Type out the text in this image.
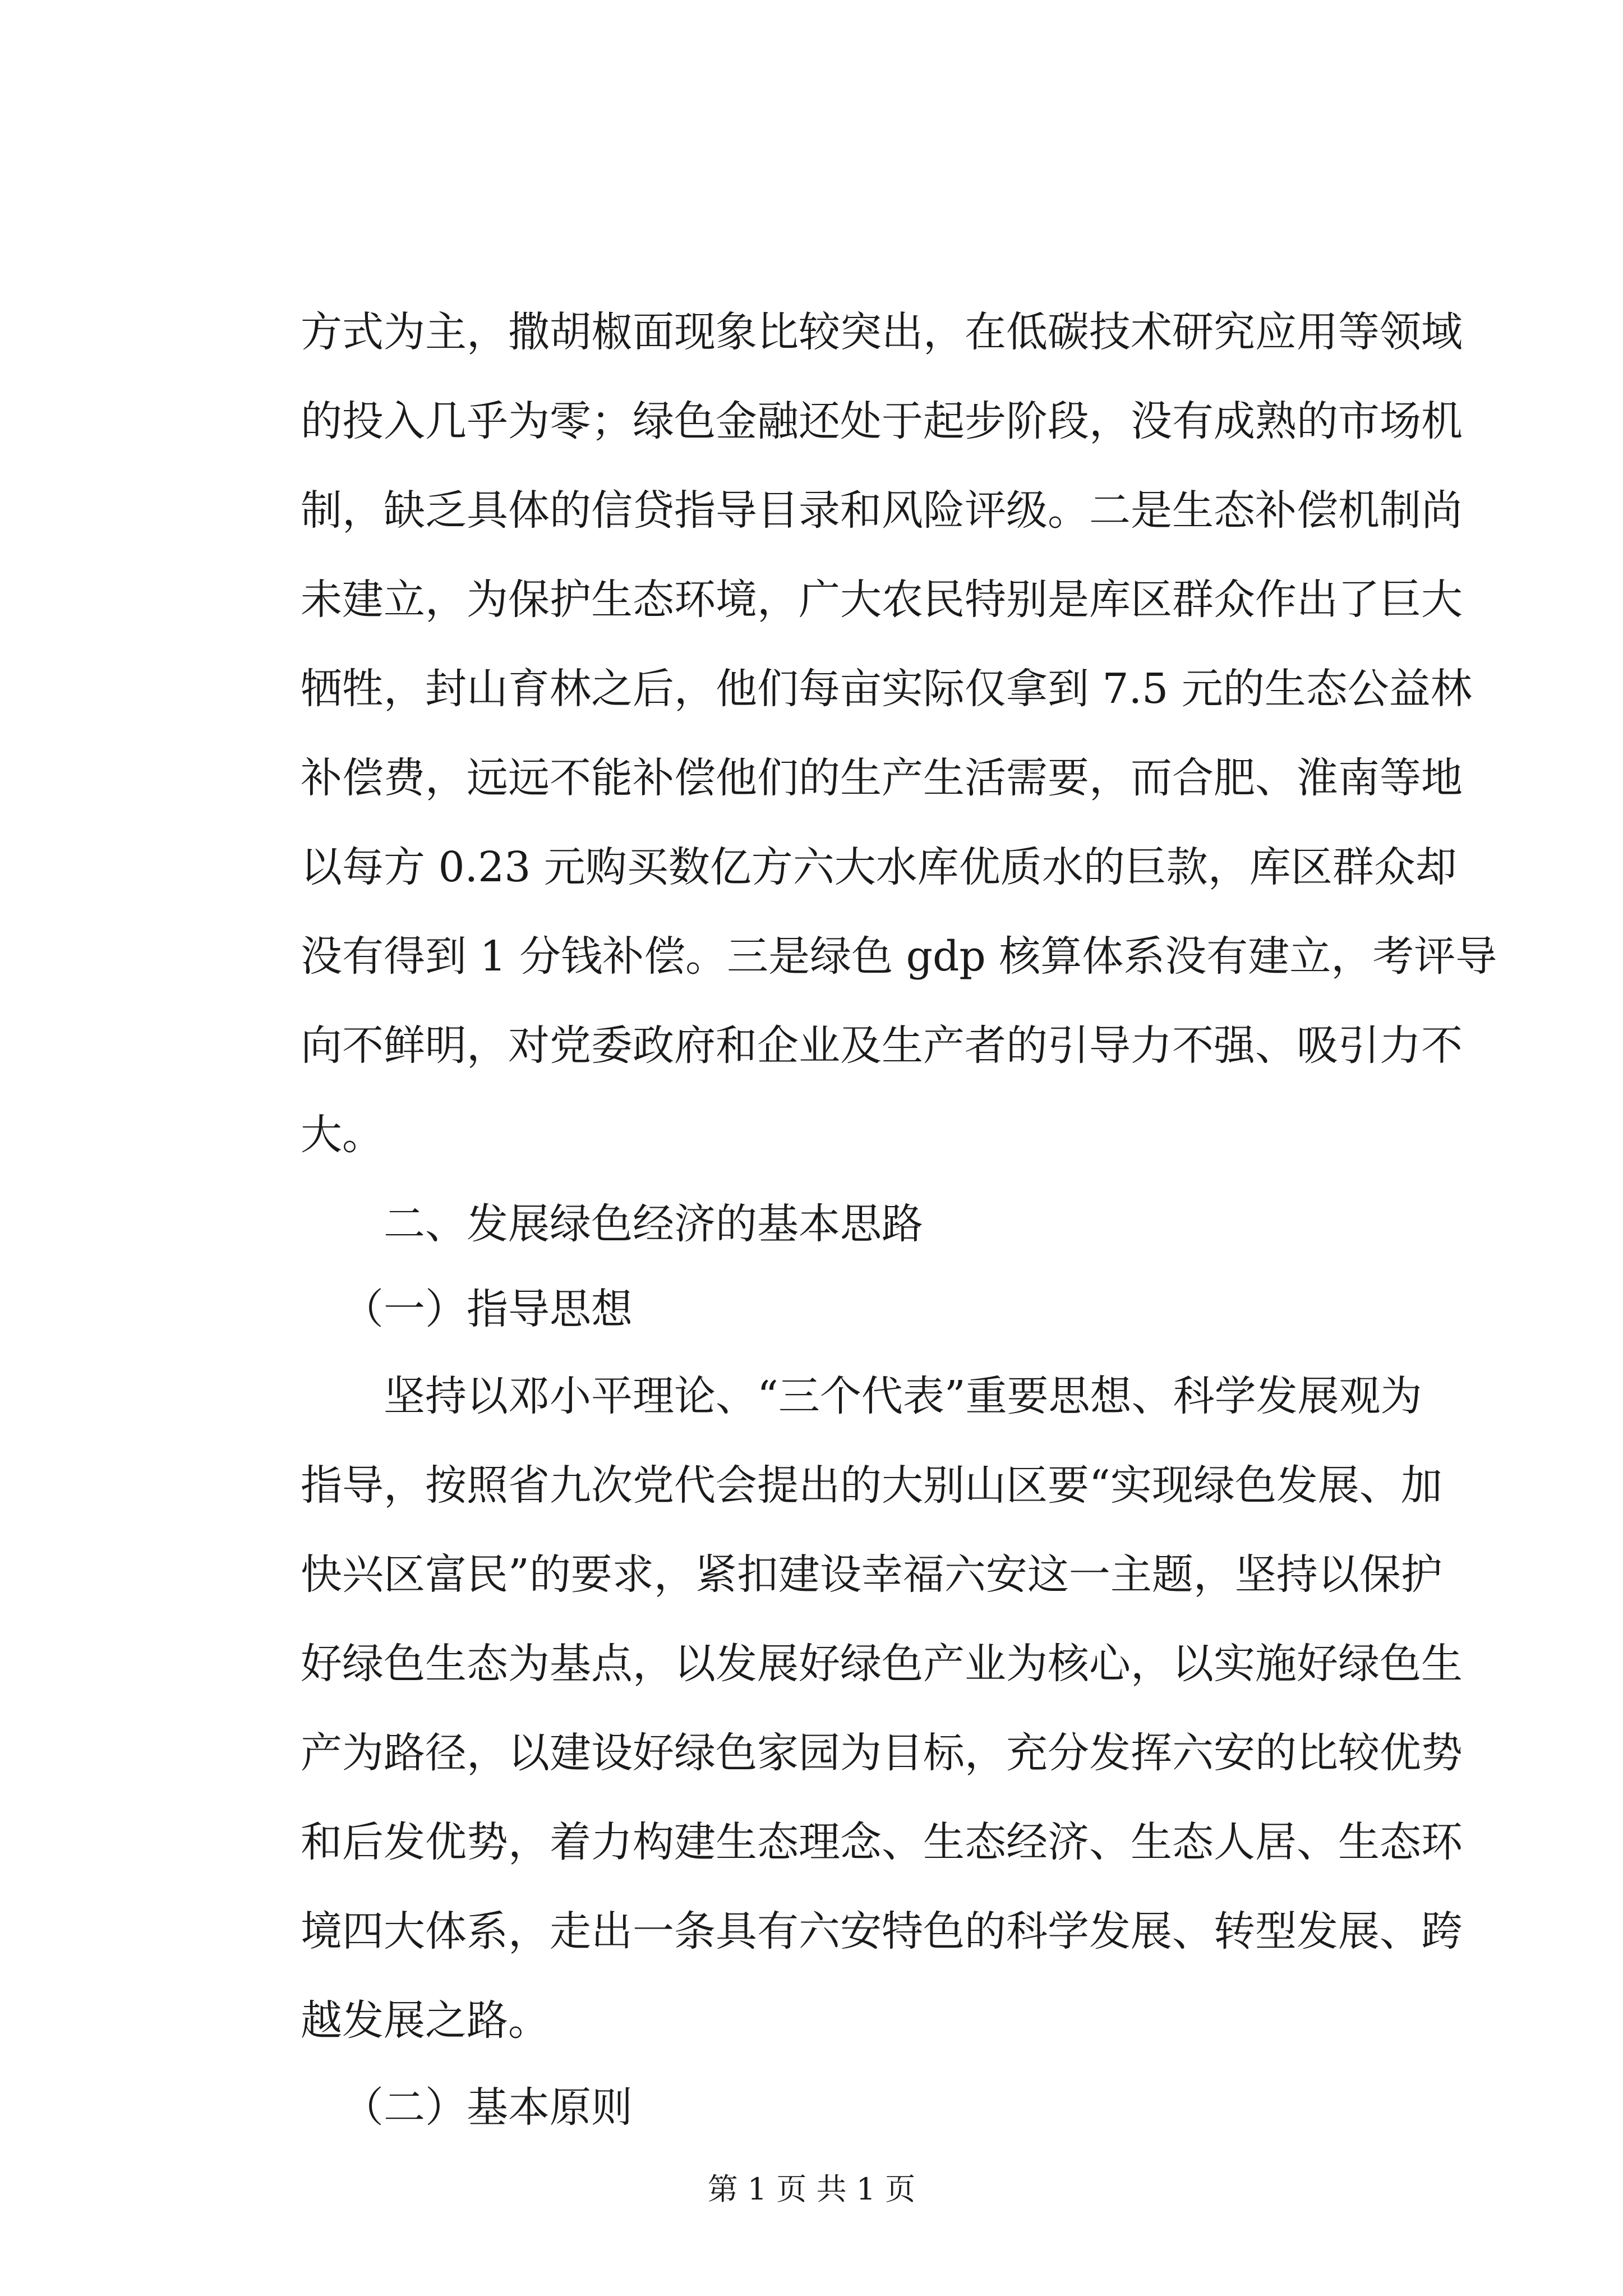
方式为主，撒胡椒面现象比较突出，在低碳技术研究应用等领域
的投入几乎为零；绿色金融还处于起步阶段，没有成熟的市场机
制，缺乏具体的信贷指导目录和风险评级。二是生态补偿机制尚
未建立，为保护生态环境，广大农民特别是库区群众作出了巨大
牺牲，封山育林之后，他们每亩实际仅拿到 7.5 元的生态公益林
补偿费，远远不能补偿他们的生产生活需要，而合肥、淮南等地
以每方 0.23 元购买数亿方六大水库优质水的巨款，库区群众却
没有得到 1 分钱补偿。三是绿色 gdp 核算体系没有建立，考评导
向不鲜明，对党委政府和企业及生产者的引导力不强、吸引力不
大。
二、发展绿色经济的基本思路
（一）指导思想
坚持以邓小平理论、“三个代表”重要思想、科学发展观为
指导，按照省九次党代会提出的大别山区要“实现绿色发展、加
快兴区富民”的要求，紧扣建设幸福六安这一主题，坚持以保护
好绿色生态为基点，以发展好绿色产业为核心，以实施好绿色生
产为路径，以建设好绿色家园为目标，充分发挥六安的比较优势
和后发优势，着力构建生态理念、生态经济、生态人居、生态环
境四大体系，走出一条具有六安特色的科学发展、转型发展、跨
越发展之路。
（二）基本原则
第 1 页 共 1 页
